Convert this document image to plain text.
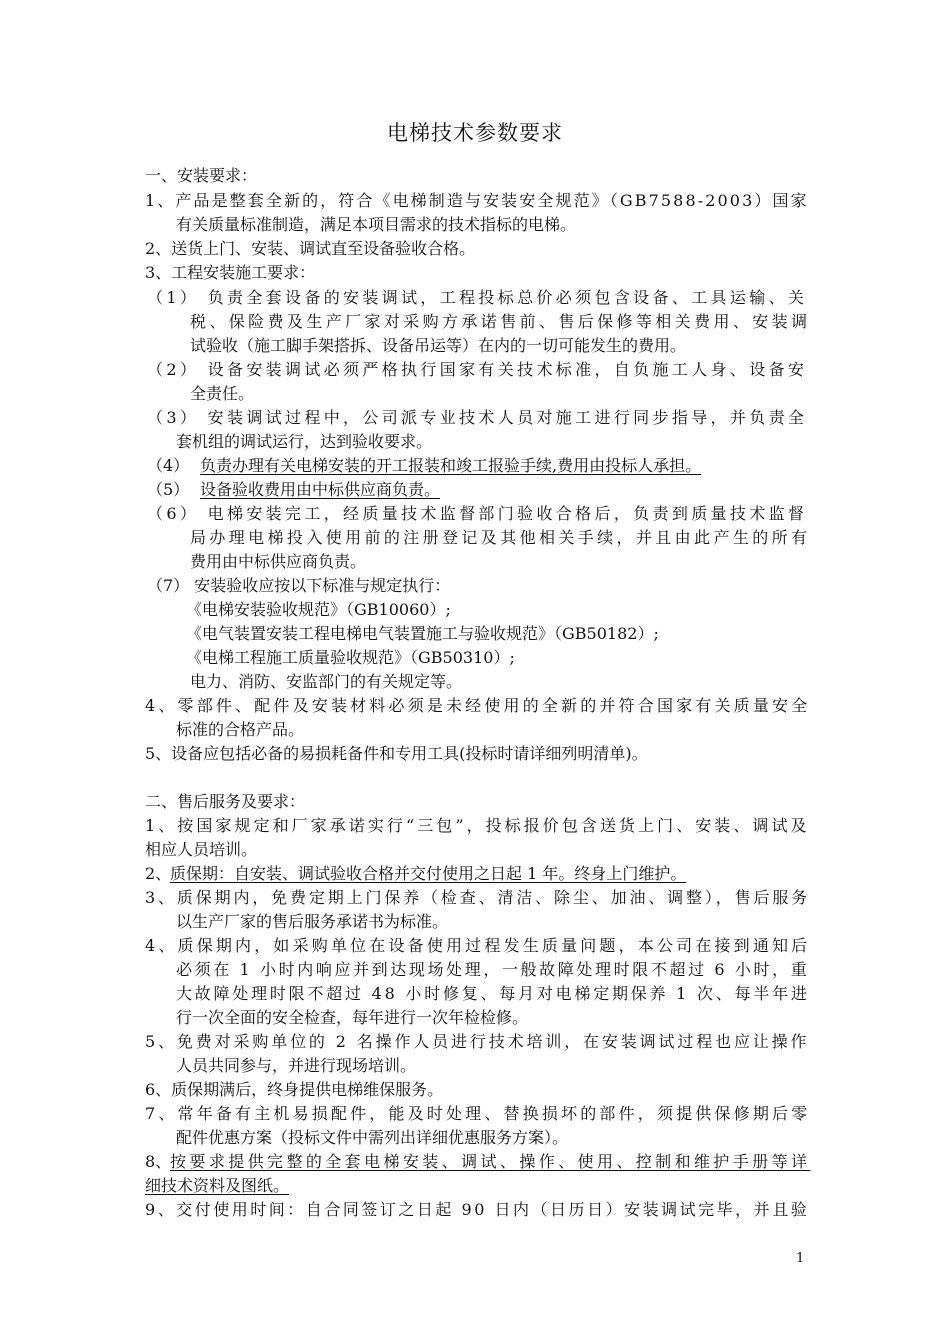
电梯技术参数要求
一、安装要求：
1、产品是整套全新的，符合《电梯制造与安装安全规范》（GB7588-2003）国家
有关质量标准制造，满足本项目需求的技术指标的电梯。
2、送货上门、安装、调试直至设备验收合格。
3、工程安装施工要求：
（1） 负责全套设备的安装调试，工程投标总价必须包含设备、工具运输、关
税、保险费及生产厂家对采购方承诺售前、售后保修等相关费用、安装调
试验收（施工脚手架搭拆、设备吊运等）在内的一切可能发生的费用。
（2） 设备安装调试必须严格执行国家有关技术标准，自负施工人身、设备安
全责任。
（3） 安装调试过程中，公司派专业技术人员对施工进行同步指导，并负责全
套机组的调试运行，达到验收要求。
（4） 负责办理有关电梯安装的开工报装和竣工报验手续,费用由投标人承担。
（5） 设备验收费用由中标供应商负责。
（6） 电梯安装完工，经质量技术监督部门验收合格后，负责到质量技术监督
局办理电梯投入使用前的注册登记及其他相关手续，并且由此产生的所有
费用由中标供应商负责。
（7） 安装验收应按以下标准与规定执行：
《电梯安装验收规范》（GB10060）;
《电气装置安装工程电梯电气装置施工与验收规范》（GB50182）;
《电梯工程施工质量验收规范》（GB50310）;
电力、消防、安监部门的有关规定等。
4、零部件、配件及安装材料必须是未经使用的全新的并符合国家有关质量安全
标准的合格产品。
5、设备应包括必备的易损耗备件和专用工具(投标时请详细列明清单)。
二、售后服务及要求：
1、按国家规定和厂家承诺实行“三包”，投标报价包含送货上门、安装、调试及
相应人员培训。
2、
质保期：自安装、调试验收合格并交付使用之日起 1 年。终身上门维护。
3、质保期内，免费定期上门保养（检查、清洁、除尘、加油、调整），售后服务
以生产厂家的售后服务承诺书为标准。
4、质保期内，如采购单位在设备使用过程发生质量问题，本公司在接到通知后
必须在 1 小时内响应并到达现场处理，一般故障处理时限不超过 6 小时，重
大故障处理时限不超过 48 小时修复、每月对电梯定期保养 1 次、每半年进
行一次全面的安全检查，每年进行一次年检检修。
5、免费对采购单位的 2 名操作人员进行技术培训，在安装调试过程也应让操作
人员共同参与，并进行现场培训。
6、质保期满后，终身提供电梯维保服务。
7、常年备有主机易损配件，能及时处理、替换损坏的部件，须提供保修期后零
配件优惠方案（投标文件中需列出详细优惠服务方案）。
8、
按要求提供完整的全套电梯安装、调试、操作、使用、控制和维护手册等详
细技术资料及图纸。
9、交付使用时间：自合同签订之日起 90 日内（日历日）安装调试完毕，并且验
1
